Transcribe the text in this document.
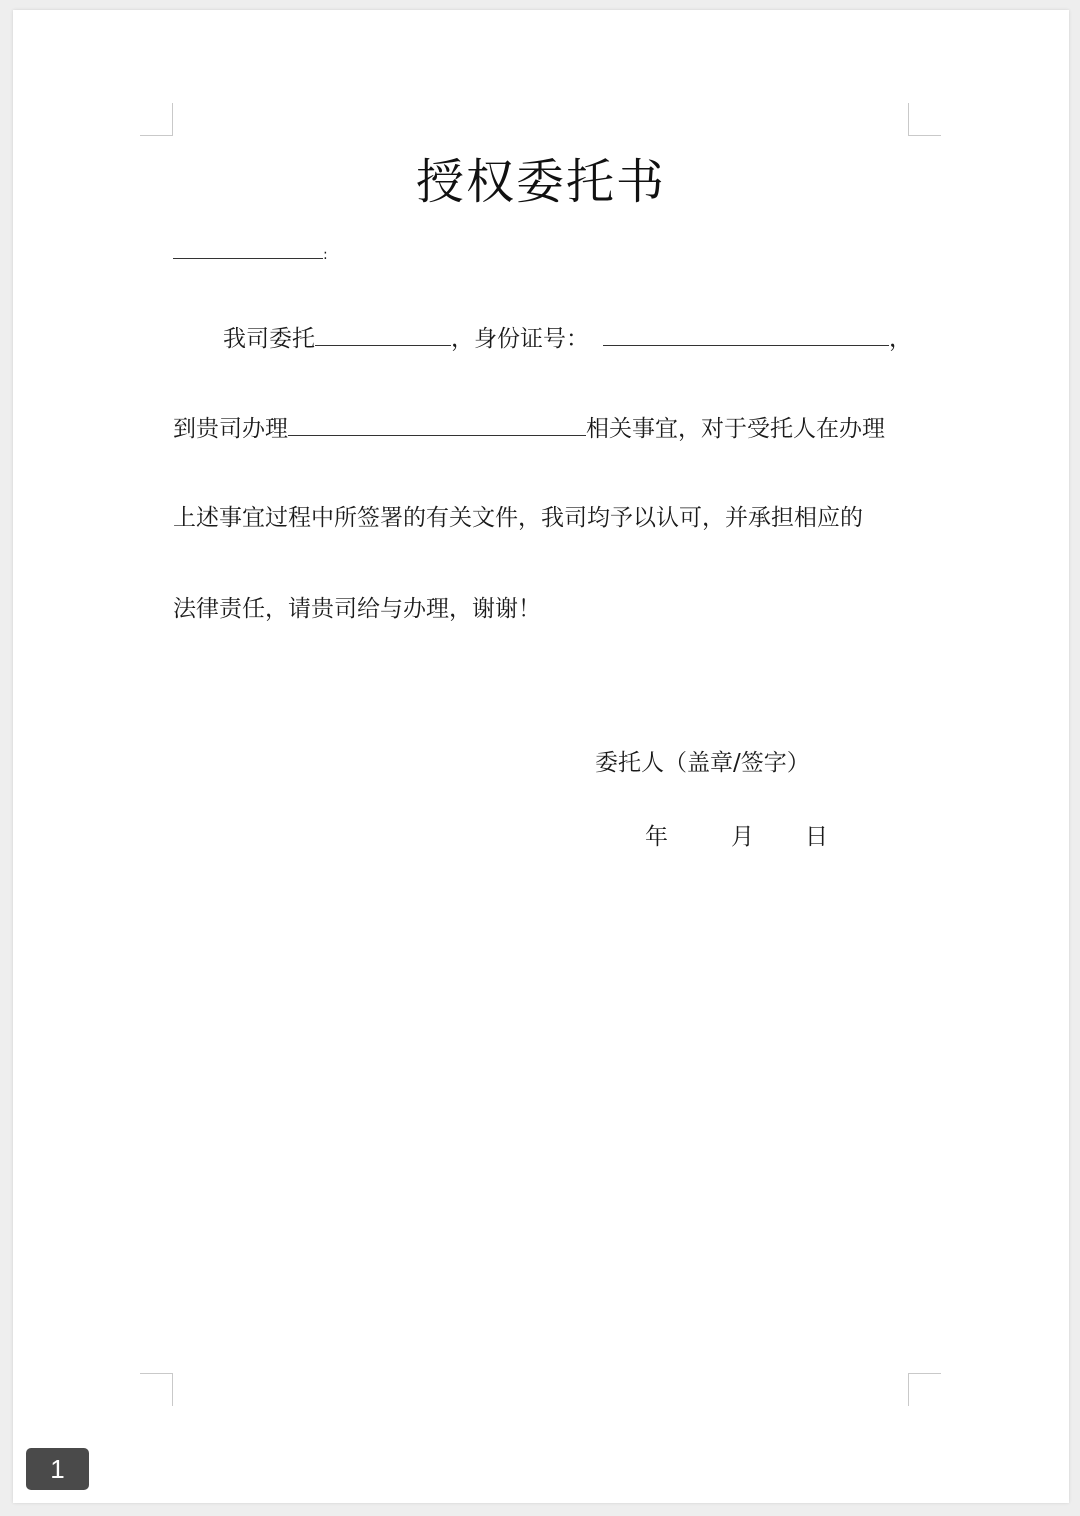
授权委托书
:
我司委托	，身份证号：	，
到贵司办理	相关事宜，对于受托人在办理
上述事宜过程中所签署的有关文件，我司均予以认可，并承担相应的
法律责任，请贵司给与办理，谢谢！
委托人（盖章/签字）
年	月 日
1
